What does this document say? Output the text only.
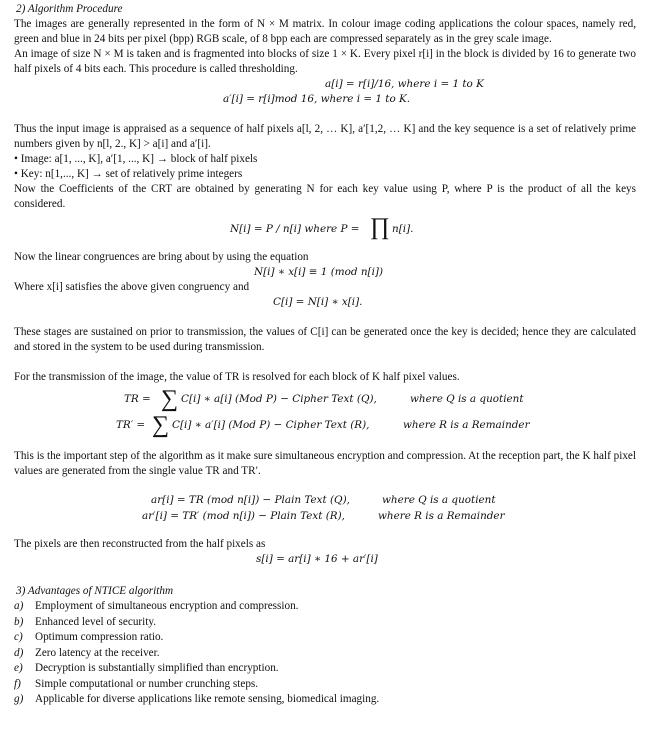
2) Algorithm Procedure
The images are generally represented in the form of N × M matrix. In colour image coding applications the colour spaces, namely red, green and blue in 24 bits per pixel (bpp) RGB scale, of 8 bpp each are compressed separately as in the grey scale image.
An image of size N × M is taken and is fragmented into blocks of size 1 × K. Every pixel r[i] in the block is divided by 16 to generate two half pixels of 4 bits each. This procedure is called thresholding.
a[i] = r[i]/16, where i = 1 to K
a′[i] = r[i]mod 16, where i = 1 to K.
Thus the input image is appraised as a sequence of half pixels a[l, 2, … K], a′[1,2, … K] and the key sequence is a set of relatively prime numbers given by n[l, 2., K] > a[i] and a′[i].
• Image: a[1, ..., K], a′[1, ..., K] → block of half pixels
• Key: n[1,..., K] → set of relatively prime integers
Now the Coefficients of the CRT are obtained by generating N for each key value using P, where P is the product of all the keys considered.
N[i] = P / n[i] where P = ∏ n[i].
Now the linear congruences are bring about by using the equation
N[i] ∗ x[i] ≡ 1 (mod n[i])
Where x[i] satisfies the above given congruency and
C[i] = N[i] ∗ x[i].
These stages are sustained on prior to transmission, the values of C[i] can be generated once the key is decided; hence they are calculated and stored in the system to be used during transmission.
For the transmission of the image, the value of TR is resolved for each block of K half pixel values.
TR = ∑ C[i] ∗ a[i] (Mod P) − Cipher Text (Q),	where Q is a quotient
TR′ = ∑ C[i] ∗ a′[i] (Mod P) − Cipher Text (R),	where R is a Remainder
This is the important step of the algorithm as it make sure simultaneous encryption and compression. At the reception part, the K half pixel values are generated from the single value TR and TR′.
ar[i] = TR (mod n[i]) − Plain Text (Q),	where Q is a quotient
ar′[i] = TR′ (mod n[i]) − Plain Text (R),	where R is a Remainder
The pixels are then reconstructed from the half pixels as
s[i] = ar[i] ∗ 16 + ar′[i]
3) Advantages of NTICE algorithm
a) Employment of simultaneous encryption and compression.
b) Enhanced level of security.
c) Optimum compression ratio.
d) Zero latency at the receiver.
e) Decryption is substantially simplified than encryption.
f) Simple computational or number crunching steps.
g) Applicable for diverse applications like remote sensing, biomedical imaging.
